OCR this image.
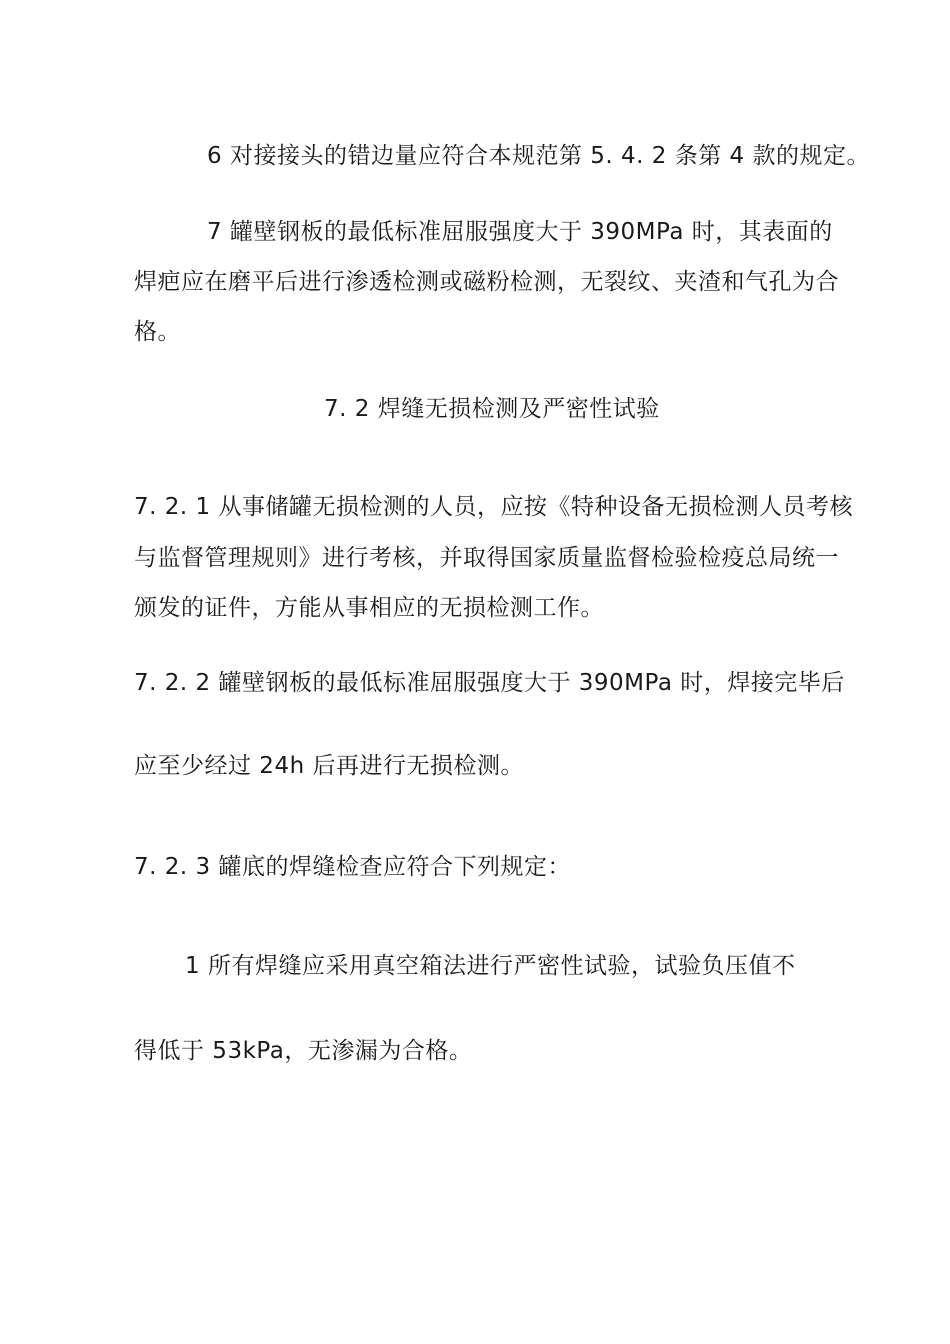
6 对接接头的错边量应符合本规范第 5. 4. 2 条第 4 款的规定。
7 罐壁钢板的最低标准屈服强度大于 390MPa 时，其表面的
焊疤应在磨平后进行渗透检测或磁粉检测，无裂纹、夹渣和气孔为合
格。
7. 2 焊缝无损检测及严密性试验
7. 2. 1 从事储罐无损检测的人员，应按《特种设备无损检测人员考核
与监督管理规则》进行考核，并取得国家质量监督检验检疫总局统一
颁发的证件，方能从事相应的无损检测工作。
7. 2. 2 罐壁钢板的最低标准屈服强度大于 390MPa 时，焊接完毕后
应至少经过 24h 后再进行无损检测。
7. 2. 3 罐底的焊缝检查应符合下列规定：
1 所有焊缝应采用真空箱法进行严密性试验，试验负压值不
得低于 53kPa，无渗漏为合格。
